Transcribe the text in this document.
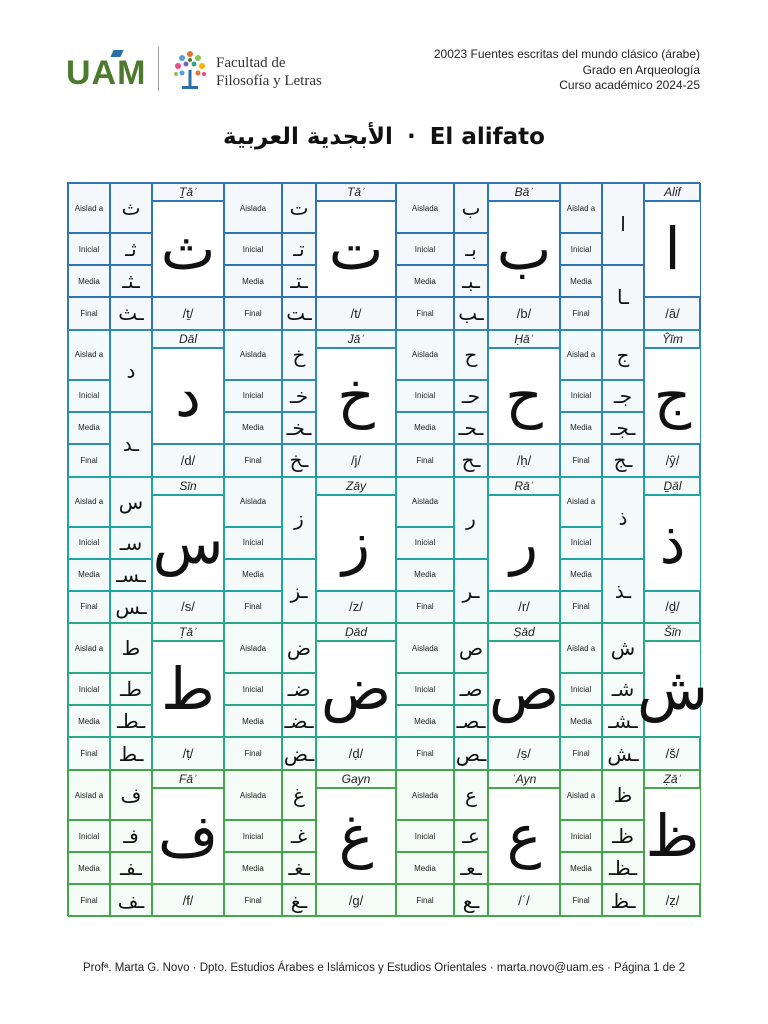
UAM	Facultad de
Filosofía y Letras
20023 Fuentes escritas del mundo clásico (árabe)
Grado en Arqueología
Curso académico 2024-25
الأبجدية العربية · El alifato
Aislad a
Inicial
Media
Final
ث
ثـ
ـثـ
ـث
Ṯāʾ
ث
/ṯ/
Aislada
Inicial
Media
Final
ت
تـ
ـتـ
ـت
Tāʾ
ت
/t/
Aislada
Inicial
Media
Final
ب
بـ
ـبـ
ـب
Bāʾ
ب
/b/
Aislad a
Inicial
Media
Final
ا
ـا
Alif
ا
/ā/
Aislad a
Inicial
Media
Final
د
ـد
Dāl
د
/d/
Aislada
Inicial
Media
Final
خ
خـ
ـخـ
ـخ
Jāʾ
خ
/j/
Aislada
Inicial
Media
Final
ح
حـ
ـحـ
ـح
Ḥāʾ
ح
/ḥ/
Aislad a
Inicial
Media
Final
ج
جـ
ـجـ
ـج
Ŷīm
ج
/ŷ/
Aislad a
Inicial
Media
Final
س
سـ
ـسـ
ـس
Sīn
س
/s/
Aislada
Inicial
Media
Final
ز
ـز
Zāy
ز
/z/
Aislada
Inicial
Media
Final
ر
ـر
Rāʾ
ر
/r/
Aislad a
Inicial
Media
Final
ذ
ـذ
Ḏāl
ذ
/ḏ/
Aislad a
Inicial
Media
Final
ط
طـ
ـطـ
ـط
Ṭāʾ
ط
/ṭ/
Aislada
Inicial
Media
Final
ض
ضـ
ـضـ
ـض
Ḍād
ض
/ḍ/
Aislada
Inicial
Media
Final
ص
صـ
ـصـ
ـص
Ṣād
ص
/ṣ/
Aislad a
Inicial
Media
Final
ش
شـ
ـشـ
ـش
Šīn
ش
/š/
Aislad a
Inicial
Media
Final
ف
فـ
ـفـ
ـف
Fāʾ
ف
/f/
Aislada
Inicial
Media
Final
غ
غـ
ـغـ
ـغ
Gayn
غ
/g/
Aislada
Inicial
Media
Final
ع
عـ
ـعـ
ـع
ʿAyn
ع
/ʿ/
Aislad a
Inicial
Media
Final
ظ
ظـ
ـظـ
ـظ
Ẓāʾ
ظ
/ẓ/
Profª. Marta G. Novo · Dpto. Estudios Árabes e Islámicos y Estudios Orientales · marta.novo@uam.es · Página 1 de 2
